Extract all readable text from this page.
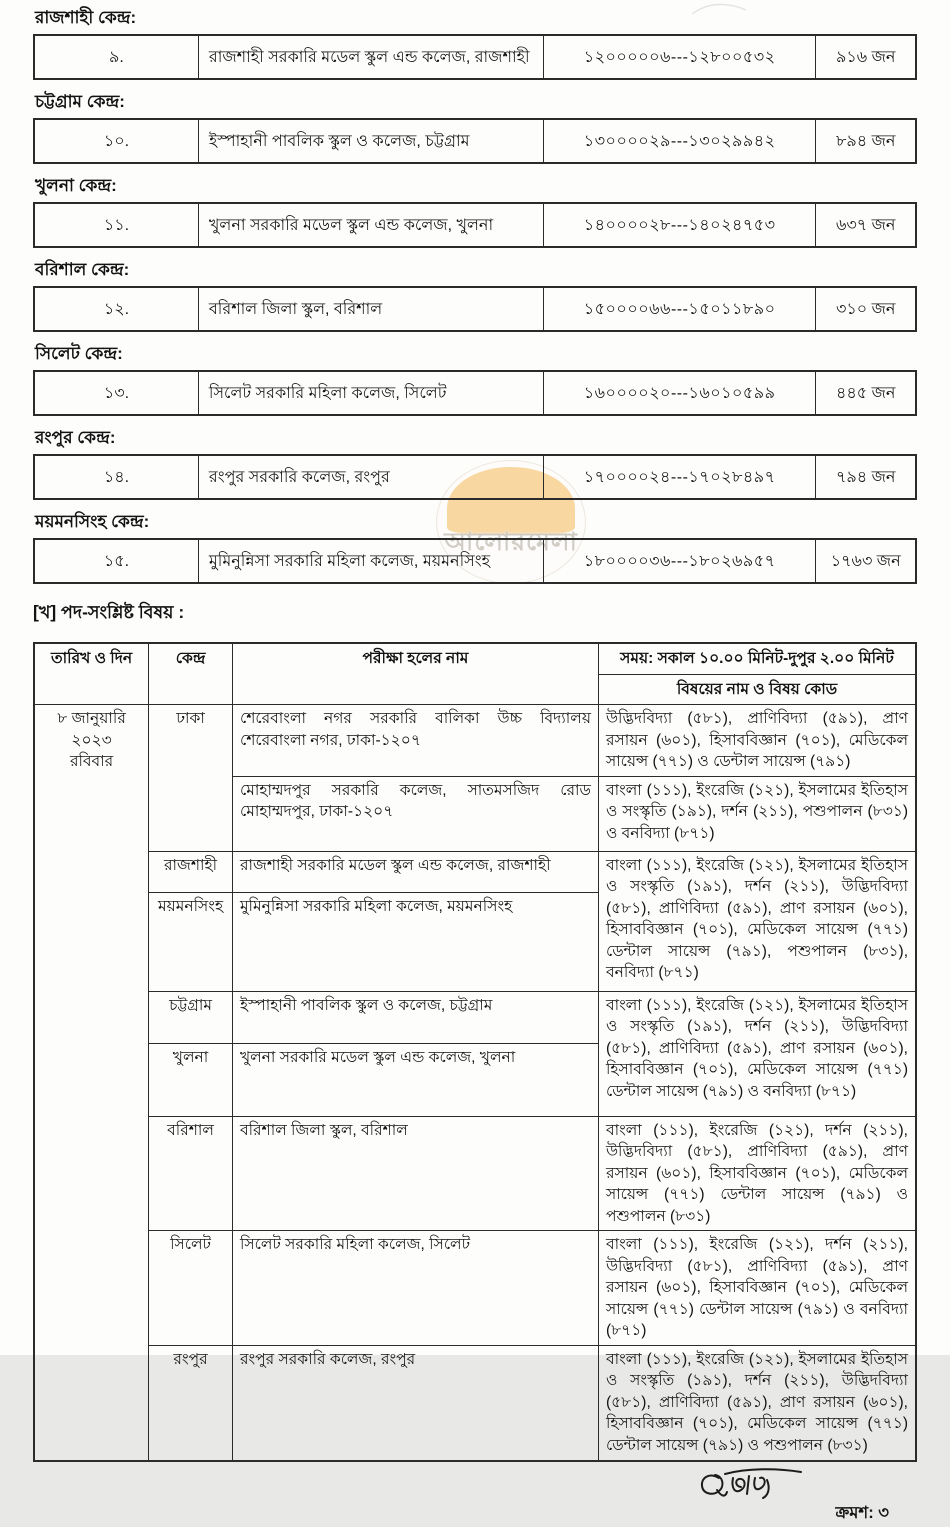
আলোরমেলা
রাজশাহী কেন্দ্র:
৯.	রাজশাহী সরকারি মডেল স্কুল এন্ড কলেজ, রাজশাহী	১২০০০০০৬---১২৮০০৫৩২	৯১৬ জন
চট্টগ্রাম কেন্দ্র:
১০.	ইস্পাহানী পাবলিক স্কুল ও কলেজ, চট্টগ্রাম	১৩০০০০২৯---১৩০২৯৯৪২	৮৯৪ জন
খুলনা কেন্দ্র:
১১.	খুলনা সরকারি মডেল স্কুল এন্ড কলেজ, খুলনা	১৪০০০০২৮---১৪০২৪৭৫৩	৬৩৭ জন
বরিশাল কেন্দ্র:
১২.	বরিশাল জিলা স্কুল, বরিশাল	১৫০০০০৬৬---১৫০১১৮৯০	৩১০ জন
সিলেট কেন্দ্র:
১৩.	সিলেট সরকারি মহিলা কলেজ, সিলেট	১৬০০০০২০---১৬০১০৫৯৯	৪৪৫ জন
রংপুর কেন্দ্র:
১৪.	রংপুর সরকারি কলেজ, রংপুর	১৭০০০০২৪---১৭০২৮৪৯৭	৭৯৪ জন
ময়মনসিংহ কেন্দ্র:
১৫.	মুমিনুন্নিসা সরকারি মহিলা কলেজ, ময়মনসিংহ	১৮০০০০৩৬---১৮০২৬৯৫৭	১৭৬৩ জন
[খ] পদ-সংশ্লিষ্ট বিষয় :
তারিখ ও দিন	কেন্দ্র	পরীক্ষা হলের নাম	সময়: সকাল ১০.০০ মিনিট-দুপুর ২.০০ মিনিট
			বিষয়ের নাম ও বিষয় কোড

৮ জানুয়ারি ২০২৩
রবিবার	ঢাকা	শেরেবাংলা নগর সরকারি বালিকা উচ্চ বিদ্যালয় শেরেবাংলা নগর, ঢাকা-১২০৭	উদ্ভিদবিদ্যা (৫৮১), প্রাণিবিদ্যা (৫৯১), প্রাণ রসায়ন (৬০১), হিসাববিজ্ঞান (৭০১), মেডিকেল সায়েন্স (৭৭১) ও ডেন্টাল সায়েন্স (৭৯১)
		মোহাম্মদপুর সরকারি কলেজ, সাতমসজিদ রোড মোহাম্মদপুর, ঢাকা-১২০৭	বাংলা (১১১), ইংরেজি (১২১), ইসলামের ইতিহাস ও সংস্কৃতি (১৯১), দর্শন (২১১), পশুপালন (৮৩১) ও বনবিদ্যা (৮৭১)
	রাজশাহী	রাজশাহী সরকারি মডেল স্কুল এন্ড কলেজ, রাজশাহী	বাংলা (১১১), ইংরেজি (১২১), ইসলামের ইতিহাস ও সংস্কৃতি (১৯১), দর্শন (২১১), উদ্ভিদবিদ্যা (৫৮১), প্রাণিবিদ্যা (৫৯১), প্রাণ রসায়ন (৬০১), হিসাববিজ্ঞান (৭০১), মেডিকেল সায়েন্স (৭৭১) ডেন্টাল সায়েন্স (৭৯১), পশুপালন (৮৩১), বনবিদ্যা (৮৭১)
	ময়মনসিংহ	মুমিনুন্নিসা সরকারি মহিলা কলেজ, ময়মনসিংহ	
	চট্টগ্রাম	ইস্পাহানী পাবলিক স্কুল ও কলেজ, চট্টগ্রাম	বাংলা (১১১), ইংরেজি (১২১), ইসলামের ইতিহাস ও সংস্কৃতি (১৯১), দর্শন (২১১), উদ্ভিদবিদ্যা (৫৮১), প্রাণিবিদ্যা (৫৯১), প্রাণ রসায়ন (৬০১), হিসাববিজ্ঞান (৭০১), মেডিকেল সায়েন্স (৭৭১) ডেন্টাল সায়েন্স (৭৯১) ও বনবিদ্যা (৮৭১)
	খুলনা	খুলনা সরকারি মডেল স্কুল এন্ড কলেজ, খুলনা	
	বরিশাল	বরিশাল জিলা স্কুল, বরিশাল	বাংলা (১১১), ইংরেজি (১২১), দর্শন (২১১), উদ্ভিদবিদ্যা (৫৮১), প্রাণিবিদ্যা (৫৯১), প্রাণ রসায়ন (৬০১), হিসাববিজ্ঞান (৭০১), মেডিকেল সায়েন্স (৭৭১) ডেন্টাল সায়েন্স (৭৯১) ও পশুপালন (৮৩১)
	সিলেট	সিলেট সরকারি মহিলা কলেজ, সিলেট	বাংলা (১১১), ইংরেজি (১২১), দর্শন (২১১), উদ্ভিদবিদ্যা (৫৮১), প্রাণিবিদ্যা (৫৯১), প্রাণ রসায়ন (৬০১), হিসাববিজ্ঞান (৭০১), মেডিকেল সায়েন্স (৭৭১) ডেন্টাল সায়েন্স (৭৯১) ও বনবিদ্যা (৮৭১)
	রংপুর	রংপুর সরকারি কলেজ, রংপুর	বাংলা (১১১), ইংরেজি (১২১), ইসলামের ইতিহাস ও সংস্কৃতি (১৯১), দর্শন (২১১), উদ্ভিদবিদ্যা (৫৮১), প্রাণিবিদ্যা (৫৯১), প্রাণ রসায়ন (৬০১), হিসাববিজ্ঞান (৭০১), মেডিকেল সায়েন্স (৭৭১) ডেন্টাল সায়েন্স (৭৯১) ও পশুপালন (৮৩১)
ক্রমশ: ৩
